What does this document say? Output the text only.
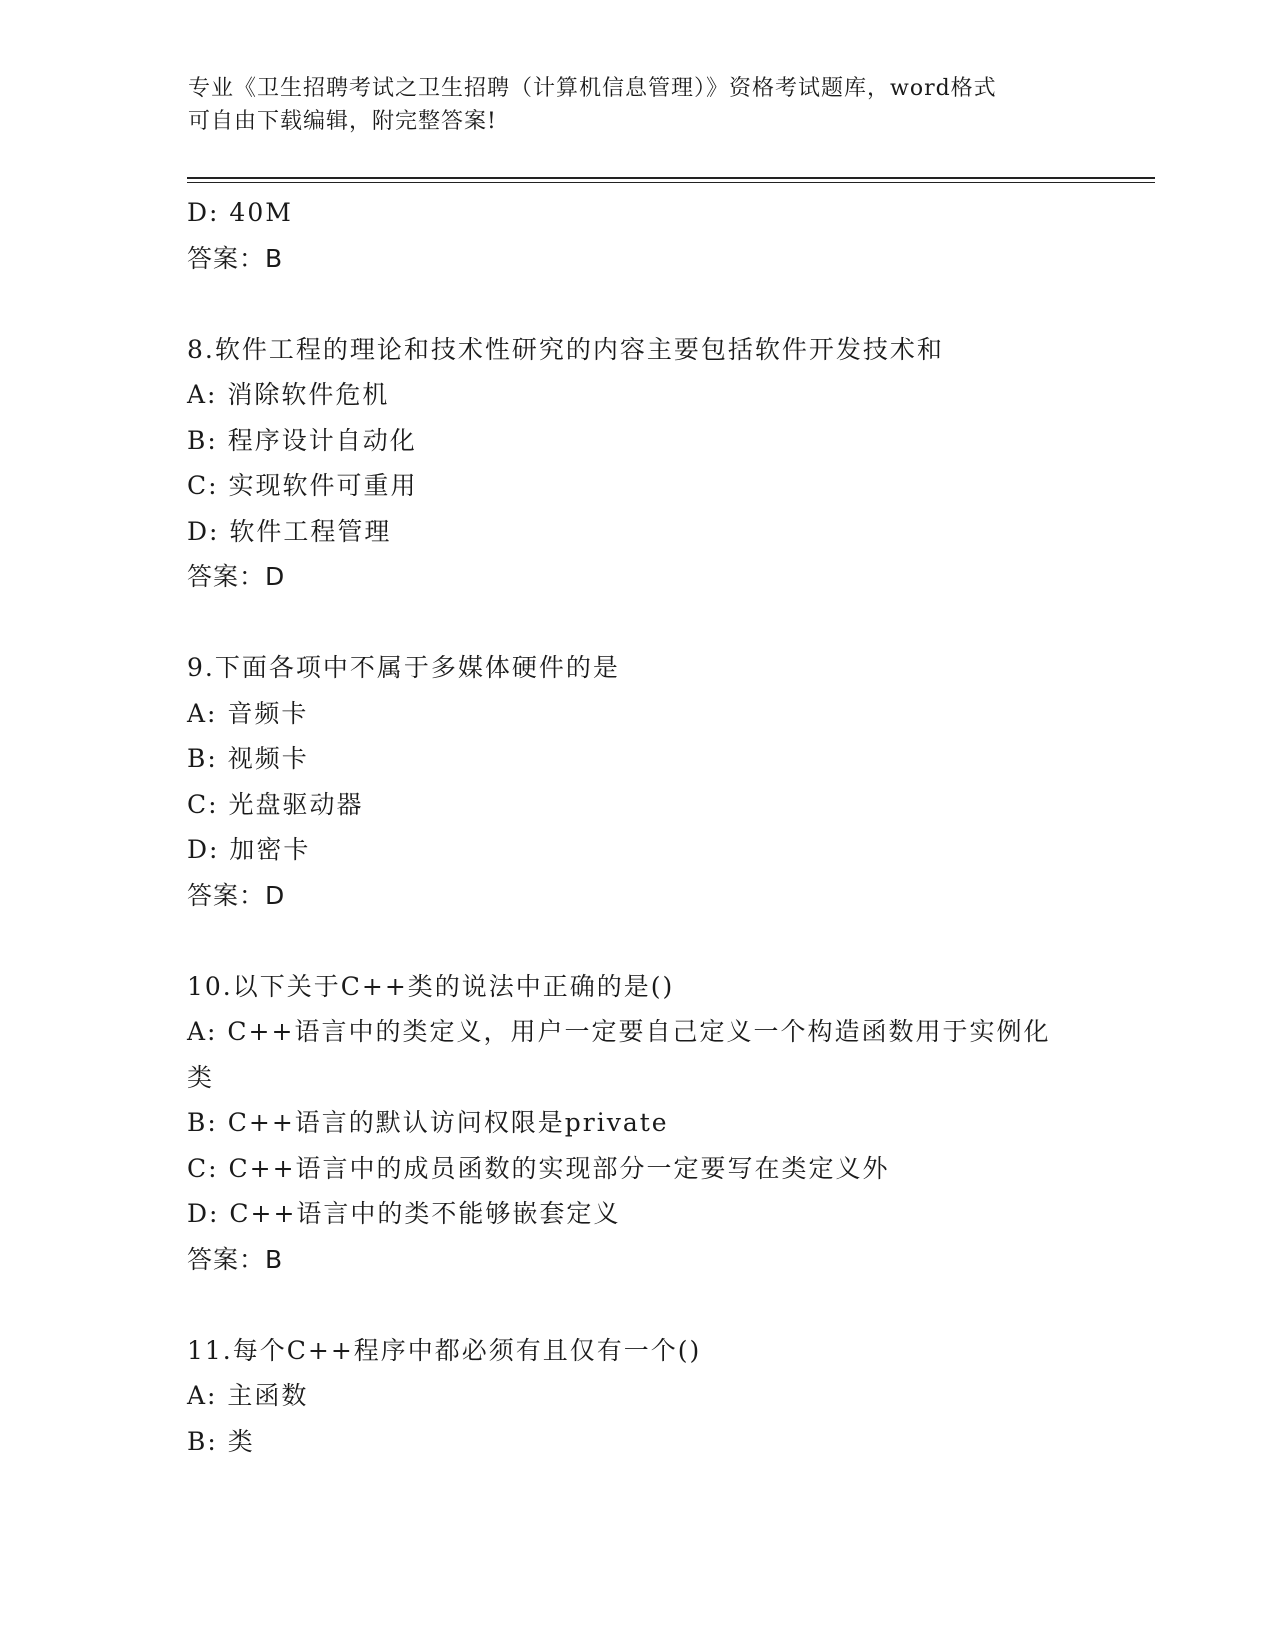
专业《卫生招聘考试之卫生招聘（计算机信息管理）》资格考试题库，word格式
可自由下载编辑，附完整答案!
D: 40M
答案：B
8.软件工程的理论和技术性研究的内容主要包括软件开发技术和
A: 消除软件危机
B: 程序设计自动化
C: 实现软件可重用
D: 软件工程管理
答案：D
9.下面各项中不属于多媒体硬件的是
A: 音频卡
B: 视频卡
C: 光盘驱动器
D: 加密卡
答案：D
10.以下关于C++类的说法中正确的是()
A: C++语言中的类定义，用户一定要自己定义一个构造函数用于实例化类
B: C++语言的默认访问权限是private
C: C++语言中的成员函数的实现部分一定要写在类定义外
D: C++语言中的类不能够嵌套定义
答案：B
11.每个C++程序中都必须有且仅有一个()
A: 主函数
B: 类
